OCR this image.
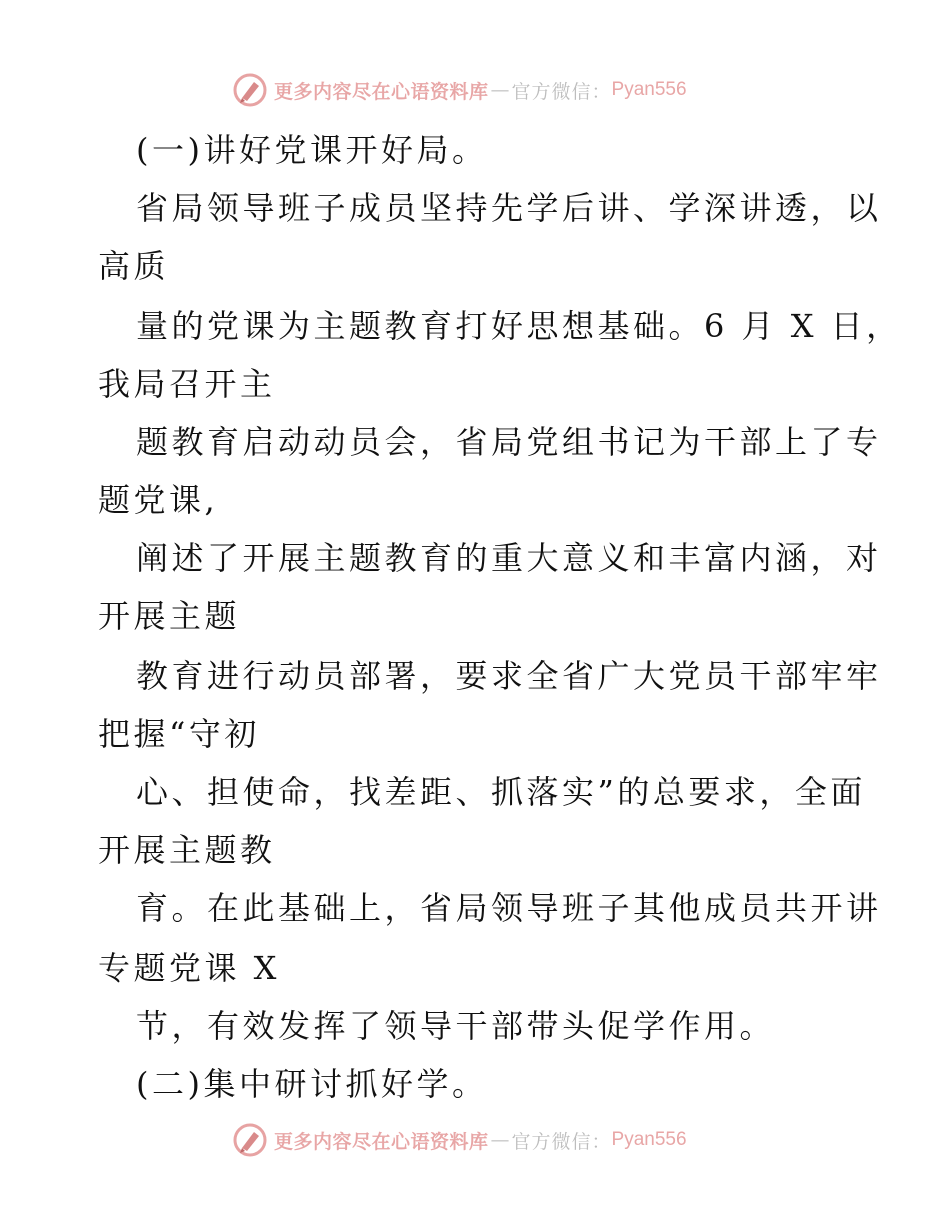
更多内容尽在心语资料库 — 官方微信： Pyan556
(一)讲好党课开好局。
省局领导班子成员坚持先学后讲、学深讲透，以
高质
量的党课为主题教育打好思想基础。6 月 X 日，
我局召开主
题教育启动动员会，省局党组书记为干部上了专
题党课,
阐述了开展主题教育的重大意义和丰富内涵，对
开展主题
教育进行动员部署，要求全省广大党员干部牢牢
把握“守初
心、担使命，找差距、抓落实”的总要求，全面
开展主题教
育。在此基础上，省局领导班子其他成员共开讲
专题党课 X
节，有效发挥了领导干部带头促学作用。
(二)集中研讨抓好学。
更多内容尽在心语资料库 — 官方微信： Pyan556
